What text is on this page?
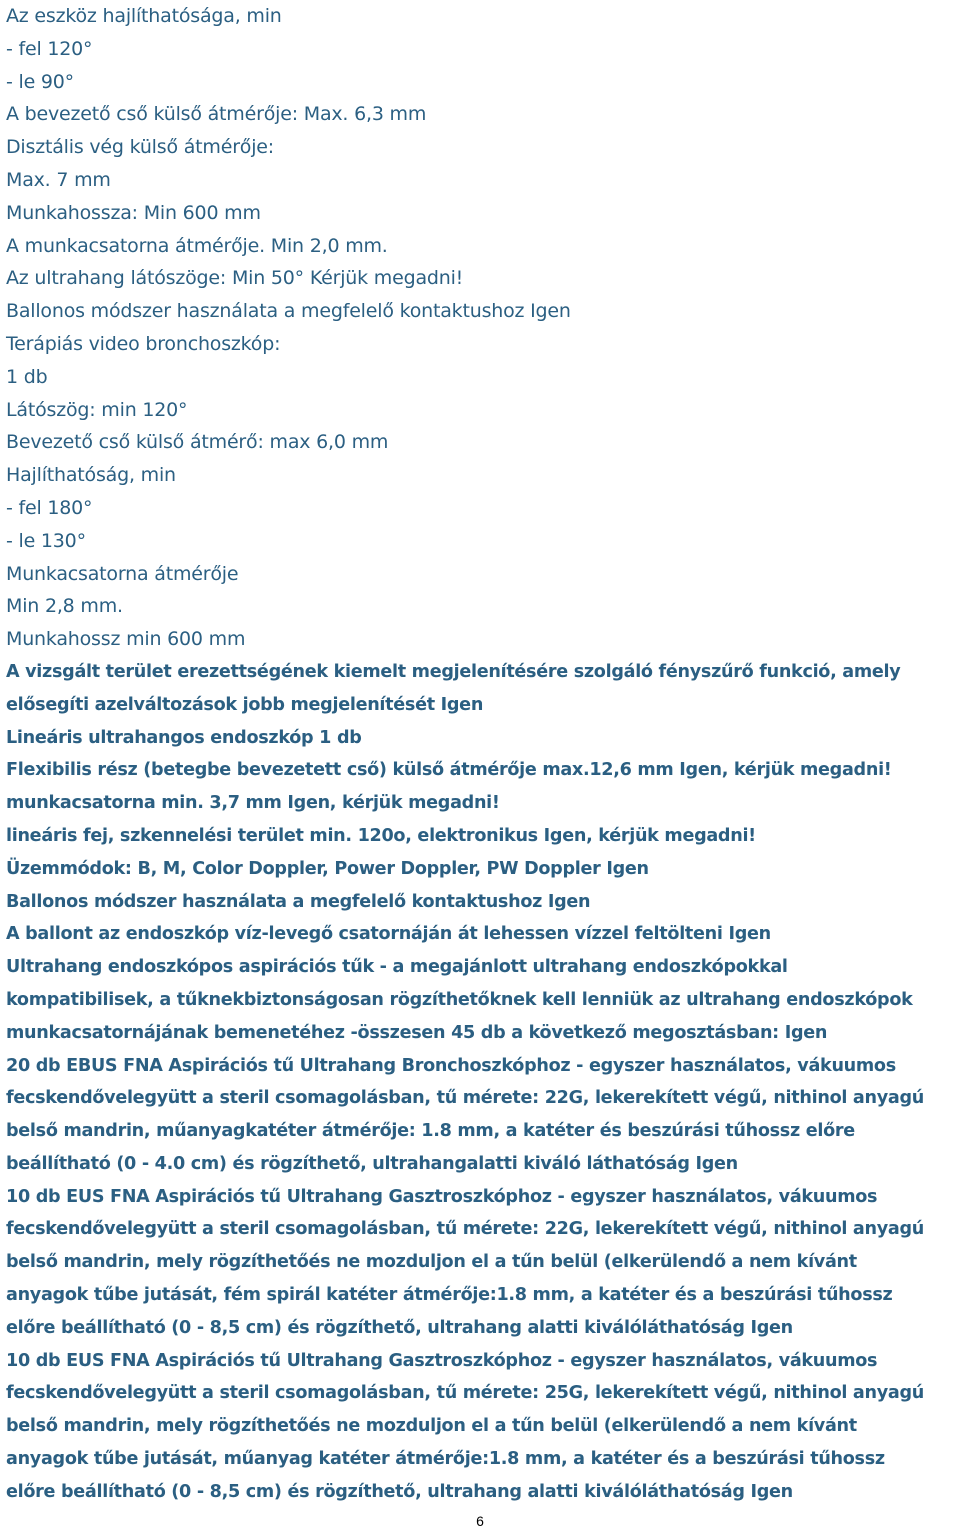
Az eszköz hajlíthatósága, min
- fel 120°
- le 90°
A bevezető cső külső átmérője: Max. 6,3 mm
Disztális vég külső átmérője:
Max. 7 mm
Munkahossza: Min 600 mm
A munkacsatorna átmérője. Min 2,0 mm.
Az ultrahang látószöge: Min 50° Kérjük megadni!
Ballonos módszer használata a megfelelő kontaktushoz Igen
Terápiás video bronchoszkóp:
1 db
Látószög: min 120°
Bevezető cső külső átmérő: max 6,0 mm
Hajlíthatóság, min
- fel 180°
- le 130°
Munkacsatorna átmérője
Min 2,8 mm.
Munkahossz min 600 mm
A vizsgált terület erezettségének kiemelt megjelenítésére szolgáló fényszűrő funkció, amely
elősegíti azelváltozások jobb megjelenítését Igen
Lineáris ultrahangos endoszkóp 1 db
Flexibilis rész (betegbe bevezetett cső) külső átmérője max.12,6 mm Igen, kérjük megadni!
munkacsatorna min. 3,7 mm Igen, kérjük megadni!
lineáris fej, szkennelési terület min. 120o, elektronikus Igen, kérjük megadni!
Üzemmódok: B, M, Color Doppler, Power Doppler, PW Doppler Igen
Ballonos módszer használata a megfelelő kontaktushoz Igen
A ballont az endoszkóp víz-levegő csatornáján át lehessen vízzel feltölteni Igen
Ultrahang endoszkópos aspirációs tűk - a megajánlott ultrahang endoszkópokkal
kompatibilisek, a tűknekbiztonságosan rögzíthetőknek kell lenniük az ultrahang endoszkópok
munkacsatornájának bemenetéhez -összesen 45 db a következő megosztásban: Igen
20 db EBUS FNA Aspirációs tű Ultrahang Bronchoszkóphoz - egyszer használatos, vákuumos
fecskendővelegyütt a steril csomagolásban, tű mérete: 22G, lekerekített végű, nithinol anyagú
belső mandrin, műanyagkatéter átmérője: 1.8 mm, a katéter és beszúrási tűhossz előre
beállítható (0 - 4.0 cm) és rögzíthető, ultrahangalatti kiváló láthatóság Igen
10 db EUS FNA Aspirációs tű Ultrahang Gasztroszkóphoz - egyszer használatos, vákuumos
fecskendővelegyütt a steril csomagolásban, tű mérete: 22G, lekerekített végű, nithinol anyagú
belső mandrin, mely rögzíthetőés ne mozduljon el a tűn belül (elkerülendő a nem kívánt
anyagok tűbe jutását, fém spirál katéter átmérője:1.8 mm, a katéter és a beszúrási tűhossz
előre beállítható (0 - 8,5 cm) és rögzíthető, ultrahang alatti kiválóláthatóság Igen
10 db EUS FNA Aspirációs tű Ultrahang Gasztroszkóphoz - egyszer használatos, vákuumos
fecskendővelegyütt a steril csomagolásban, tű mérete: 25G, lekerekített végű, nithinol anyagú
belső mandrin, mely rögzíthetőés ne mozduljon el a tűn belül (elkerülendő a nem kívánt
anyagok tűbe jutását, műanyag katéter átmérője:1.8 mm, a katéter és a beszúrási tűhossz
előre beállítható (0 - 8,5 cm) és rögzíthető, ultrahang alatti kiválóláthatóság Igen
6
